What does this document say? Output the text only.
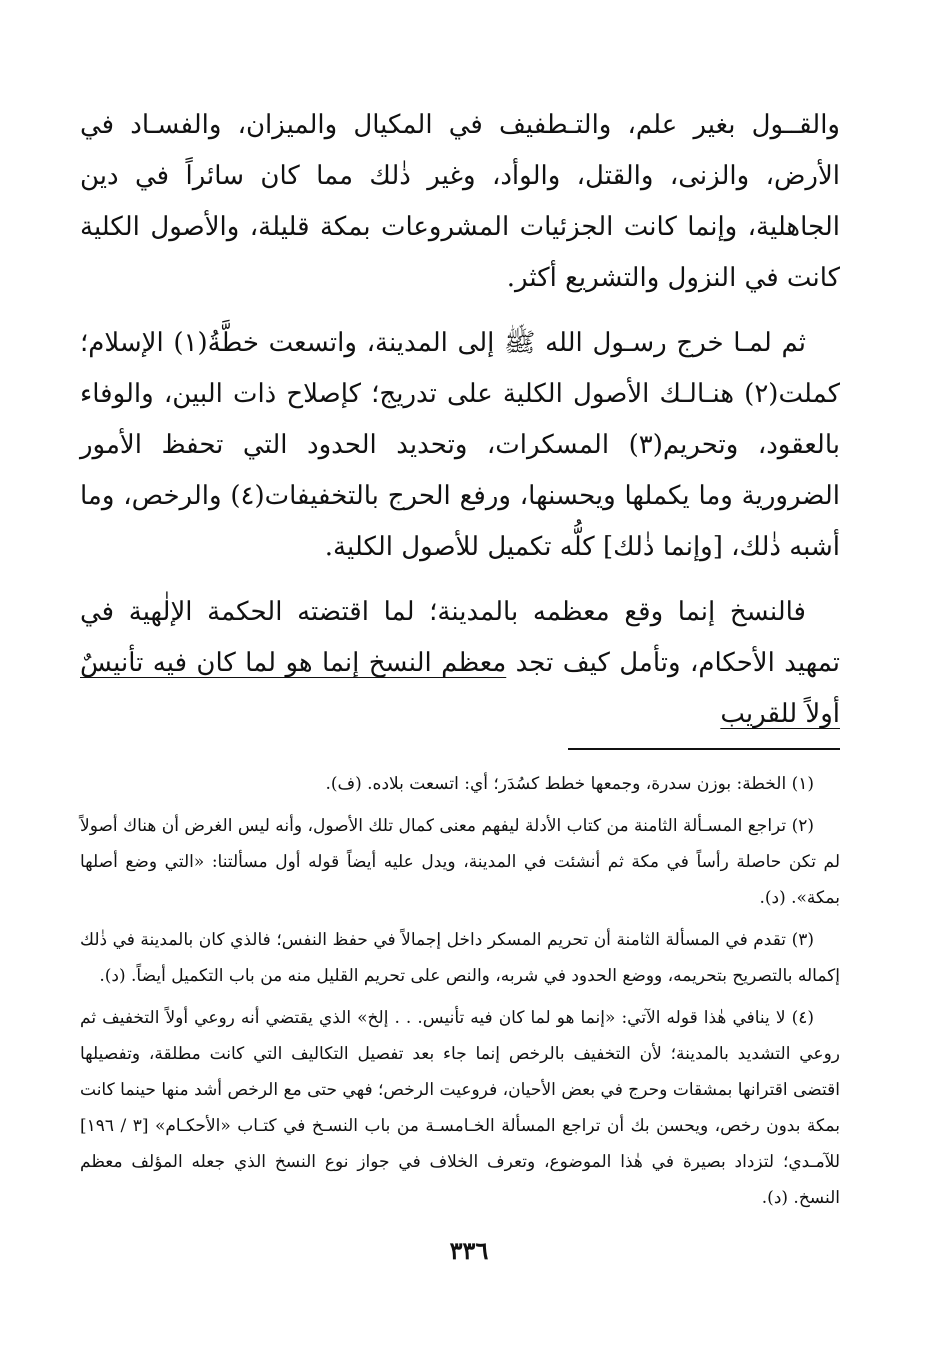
والقــول بغير علم، والتـطفيف في المكيال والميزان، والفسـاد في الأرض، والزنى، والقتل، والوأد، وغير ذٰلك مما كان سائراً في دين الجاهلية، وإنما كانت الجزئيات المشروعات بمكة قليلة، والأصول الكلية كانت في النزول والتشريع أكثر.

ثم لمـا خرج رسـول الله ﷺ إلى المدينة، واتسعت خطَّةُ(١) الإسلام؛ كملت(٢) هنـالـك الأصول الكلية على تدريج؛ كإصلاح ذات البين، والوفاء بالعقود، وتحريم(٣) المسكرات، وتحديد الحدود التي تحفظ الأمور الضرورية وما يكملها ويحسنها، ورفع الحرج بالتخفيفات(٤) والرخص، وما أشبه ذٰلك، [وإنما ذٰلك] كلُّه تكميل للأصول الكلية.

فالنسخ إنما وقع معظمه بالمدينة؛ لما اقتضته الحكمة الإلٰهية في تمهيد الأحكام، وتأمل كيف تجد معظم النسخ إنما هو لما كان فيه تأنيسٌ أولاً للقريب

(١) الخطة: بوزن سدرة، وجمعها خطط كسُدَر؛ أي: اتسعت بلاده. (ف).

(٢) تراجع المسـألة الثامنة من كتاب الأدلة ليفهم معنى كمال تلك الأصول، وأنه ليس الغرض أن هناك أصولاً لم تكن حاصلة رأساً في مكة ثم أنشئت في المدينة، ويدل عليه أيضاً قوله أول مسألتنا: «التي وضع أصلها بمكة». (د).

(٣) تقدم في المسألة الثامنة أن تحريم المسكر داخل إجمالاً في حفظ النفس؛ فالذي كان بالمدينة في ذٰلك إكماله بالتصريح بتحريمه، ووضع الحدود في شربه، والنص على تحريم القليل منه من باب التكميل أيضاً. (د).

(٤) لا ينافي هٰذا قوله الآتي: «إنما هو لما كان فيه تأنيس. . . إلخ» الذي يقتضي أنه روعي أولاً التخفيف ثم روعي التشديد بالمدينة؛ لأن التخفيف بالرخص إنما جاء بعد تفصيل التكاليف التي كانت مطلقة، وتفصيلها اقتضى اقترانها بمشقات وحرج في بعض الأحيان، فروعيت الرخص؛ فهي حتى مع الرخص أشد منها حينما كانت بمكة بدون رخص، ويحسن بك أن تراجع المسألة الخـامسـة من باب النسـخ في كتـاب «الأحكـام» [٣ / ١٩٦] للآمـدي؛ لتزداد بصيرة في هٰذا الموضوع، وتعرف الخلاف في جواز نوع النسخ الذي جعله المؤلف معظم النسخ. (د).

٣٣٦
